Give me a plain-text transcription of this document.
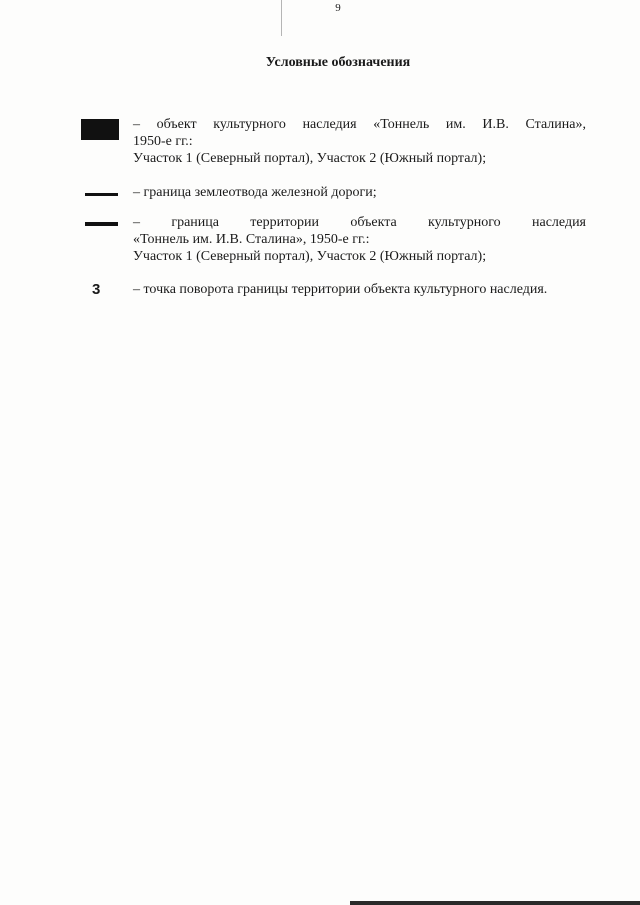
9
Условные обозначения
– объект культурного наследия «Тоннель им. И.В. Сталина»,
1950-е гг.:
Участок 1 (Северный портал), Участок 2 (Южный портал);
– граница землеотвода железной дороги;
– граница территории объекта культурного наследия
«Тоннель им. И.В. Сталина», 1950-е гг.:
Участок 1 (Северный портал), Участок 2 (Южный портал);
3 – точка поворота границы территории объекта культурного наследия.
